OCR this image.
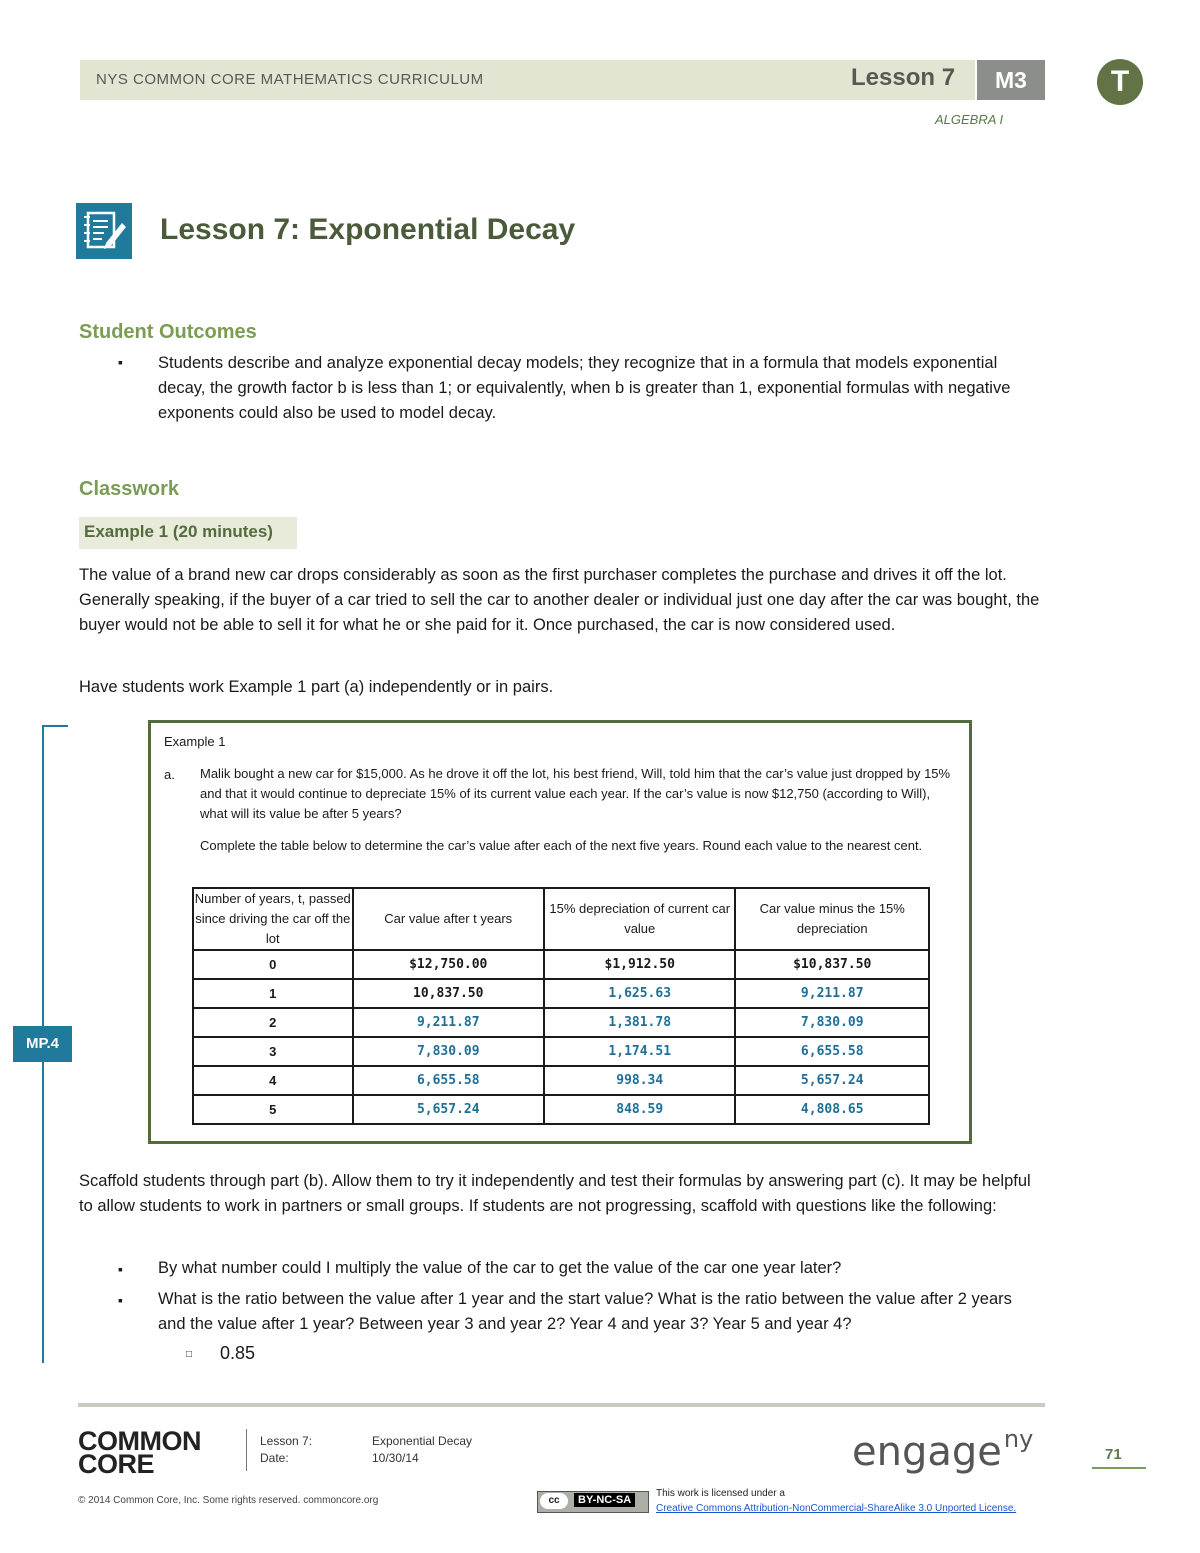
NYS COMMON CORE MATHEMATICS CURRICULUM	Lesson 7	M3	T
ALGEBRA I
Lesson 7: Exponential Decay
Student Outcomes
▪ Students describe and analyze exponential decay models; they recognize that in a formula that models exponential decay, the growth factor b is less than 1; or equivalently, when b is greater than 1, exponential formulas with negative exponents could also be used to model decay.
Classwork
Example 1 (20 minutes)
The value of a brand new car drops considerably as soon as the first purchaser completes the purchase and drives it off the lot. Generally speaking, if the buyer of a car tried to sell the car to another dealer or individual just one day after the car was bought, the buyer would not be able to sell it for what he or she paid for it. Once purchased, the car is now considered used.
Have students work Example 1 part (a) independently or in pairs.
MP.4
Example 1
a. Malik bought a new car for $15,000. As he drove it off the lot, his best friend, Will, told him that the car’s value just dropped by 15% and that it would continue to depreciate 15% of its current value each year. If the car’s value is now $12,750 (according to Will), what will its value be after 5 years?
Complete the table below to determine the car’s value after each of the next five years. Round each value to the nearest cent.
Number of years, t, passed since driving the car off the lot	Car value after t years	15% depreciation of current car value	Car value minus the 15% depreciation
0	$12,750.00	$1,912.50	$10,837.50
1	10,837.50	1,625.63	9,211.87
2	9,211.87	1,381.78	7,830.09
3	7,830.09	1,174.51	6,655.58
4	6,655.58	998.34	5,657.24
5	5,657.24	848.59	4,808.65
Scaffold students through part (b). Allow them to try it independently and test their formulas by answering part (c). It may be helpful to allow students to work in partners or small groups. If students are not progressing, scaffold with questions like the following:
▪ By what number could I multiply the value of the car to get the value of the car one year later?
▪ What is the ratio between the value after 1 year and the start value? What is the ratio between the value after 2 years and the value after 1 year? Between year 3 and year 2? Year 4 and year 3? Year 5 and year 4?
□ 0.85
COMMON
CORE
Lesson 7:	Exponential Decay
Date:	10/30/14	engage$^{ny}$
71
© 2014 Common Core, Inc. Some rights reserved. commoncore.org	cc	BY-NC-SA
This work is licensed under a
Creative Commons Attribution-NonCommercial-ShareAlike 3.0 Unported License.
